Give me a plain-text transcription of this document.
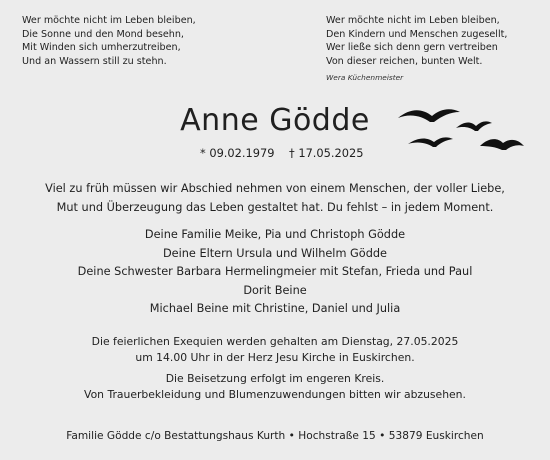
Wer möchte nicht im Leben bleiben,
Die Sonne und den Mond besehn,
Mit Winden sich umherzutreiben,
Und an Wassern still zu stehn.
Wer möchte nicht im Leben bleiben,
Den Kindern und Menschen zugesellt,
Wer ließe sich denn gern vertreiben
Von dieser reichen, bunten Welt.
Wera Küchenmeister
Anne Gödde
* 09.02.1979 † 17.05.2025
Viel zu früh müssen wir Abschied nehmen von einem Menschen, der voller Liebe,
Mut und Überzeugung das Leben gestaltet hat. Du fehlst – in jedem Moment.
Deine Familie Meike, Pia und Christoph Gödde
Deine Eltern Ursula und Wilhelm Gödde
Deine Schwester Barbara Hermelingmeier mit Stefan, Frieda und Paul
Dorit Beine
Michael Beine mit Christine, Daniel und Julia
Die feierlichen Exequien werden gehalten am Dienstag, 27.05.2025
um 14.00 Uhr in der Herz Jesu Kirche in Euskirchen.
Die Beisetzung erfolgt im engeren Kreis.
Von Trauerbekleidung und Blumenzuwendungen bitten wir abzusehen.
Familie Gödde c/o Bestattungshaus Kurth • Hochstraße 15 • 53879 Euskirchen
